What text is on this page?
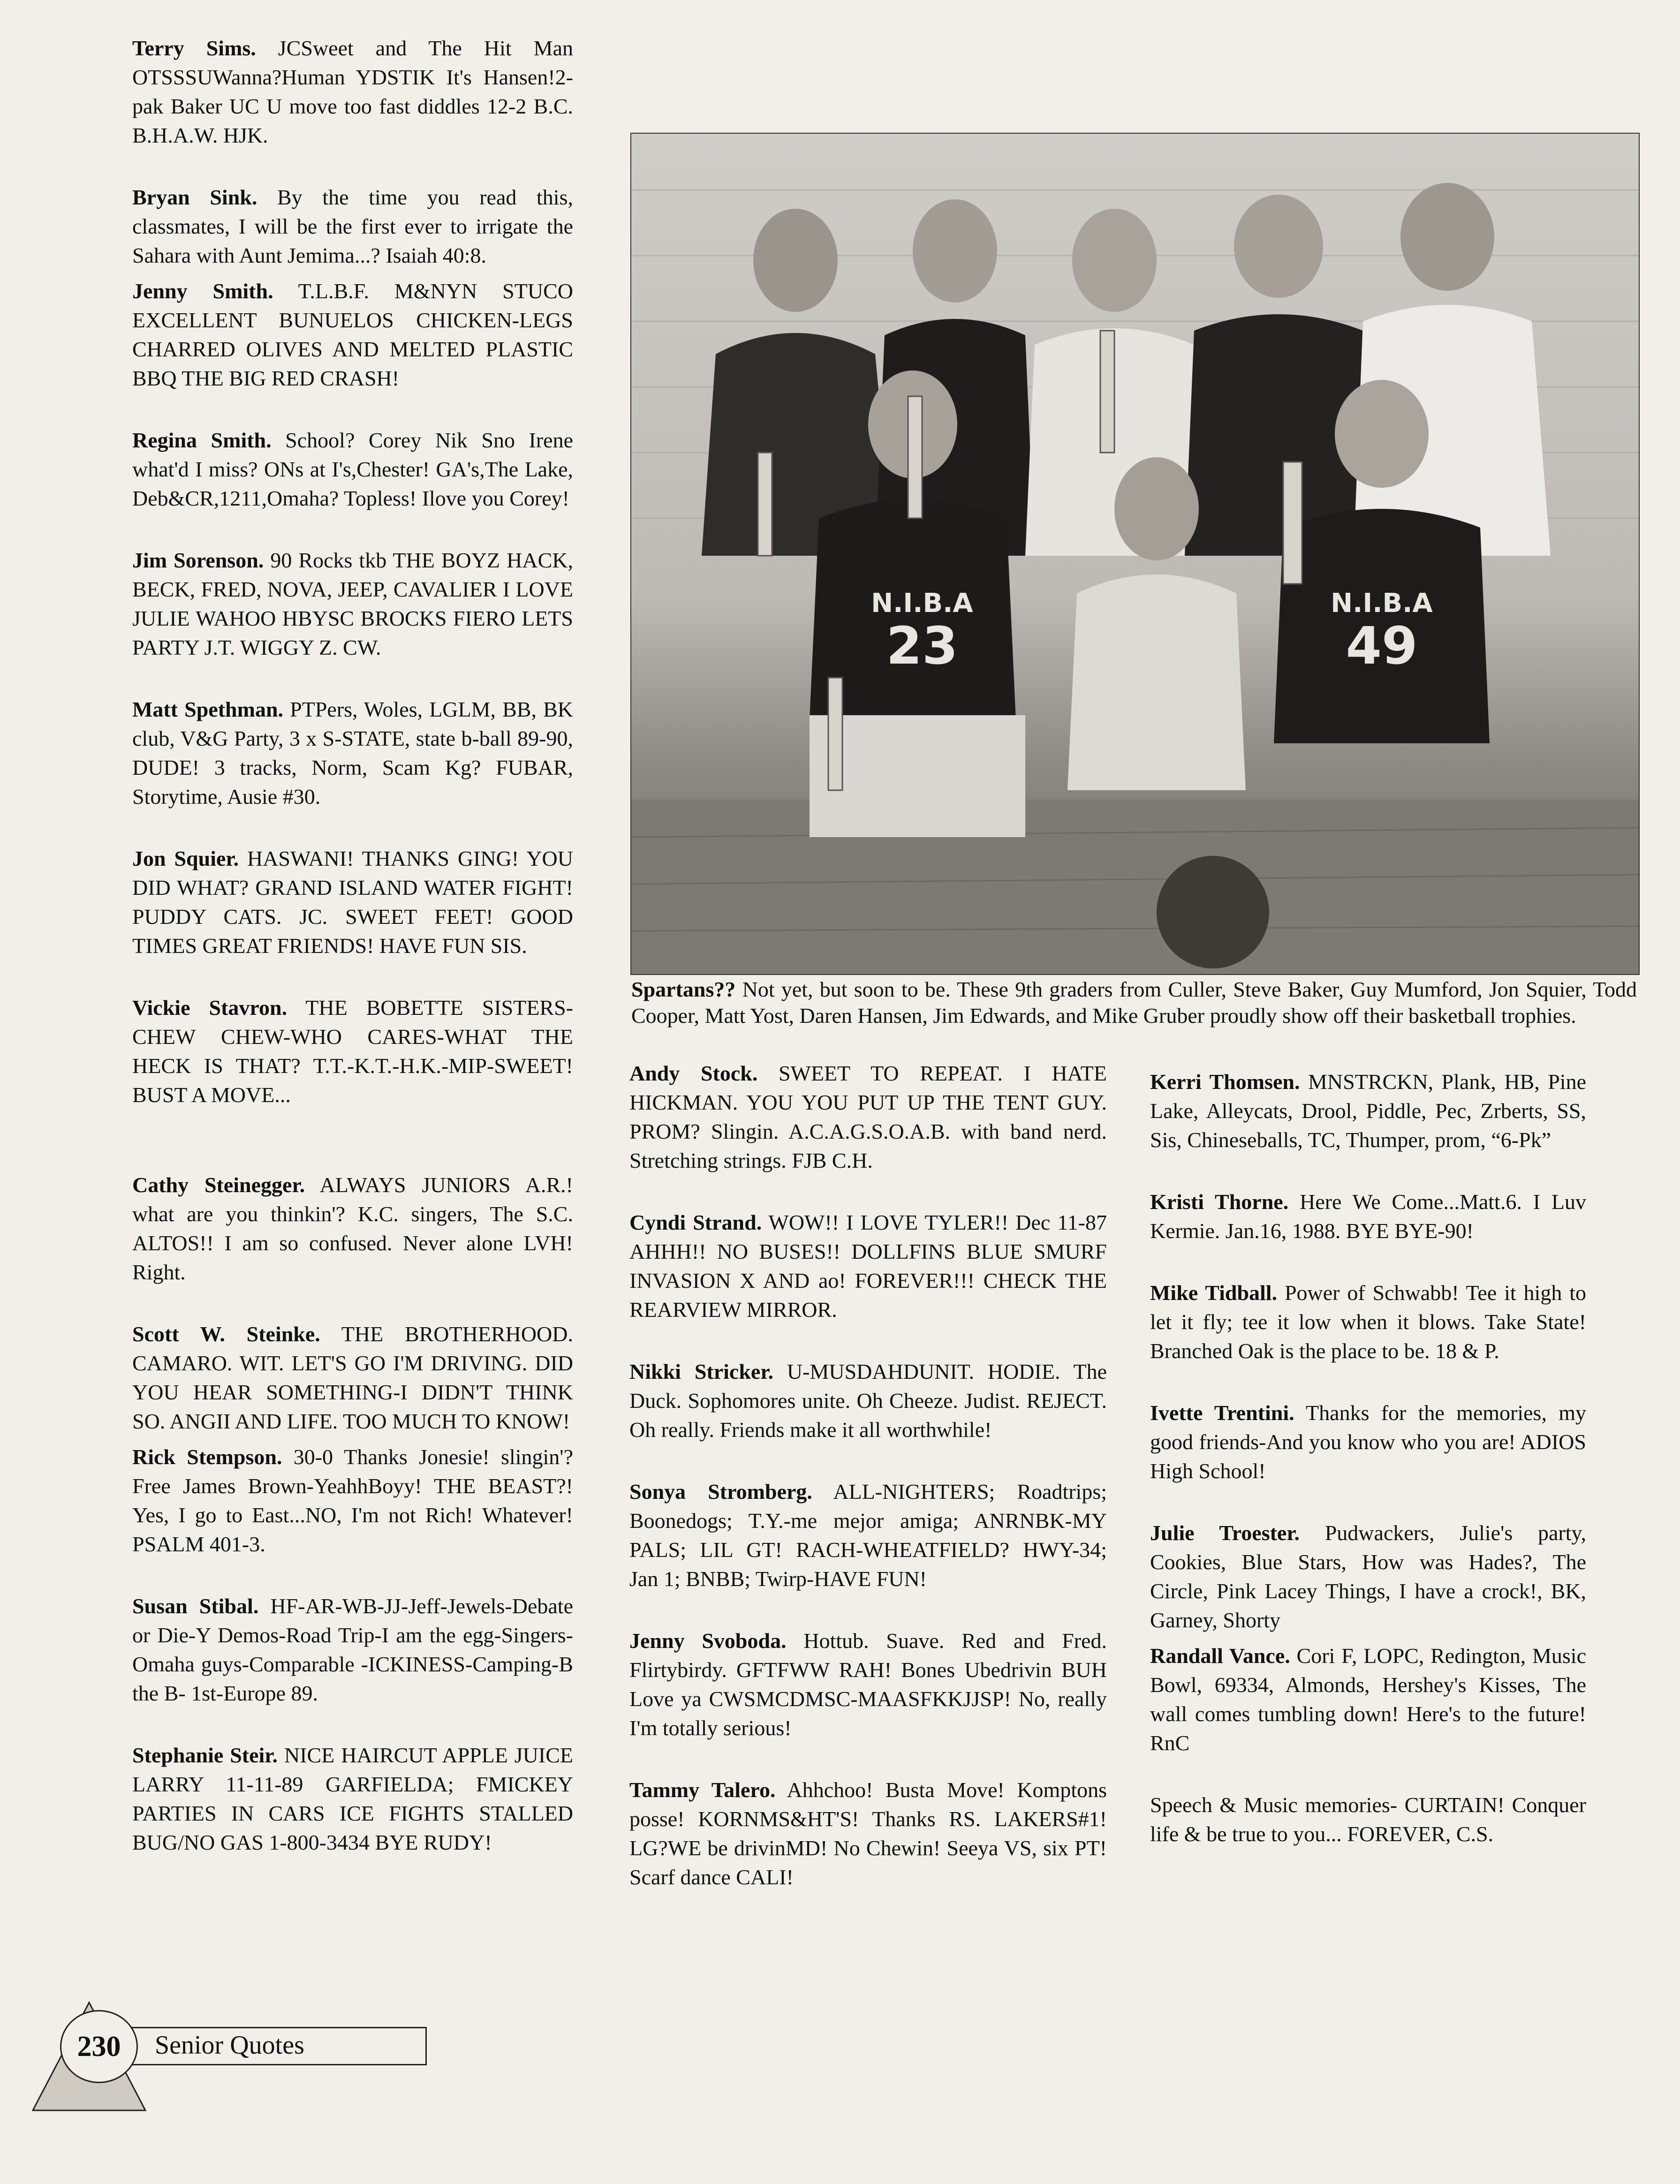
Terry Sims. JCSweet and The Hit Man OTSSSUWanna?Human YDSTIK It's Hansen!2-pak Baker UC U move too fast diddles 12-2 B.C. B.H.A.W. HJK.

Bryan Sink. By the time you read this, classmates, I will be the first ever to irrigate the Sahara with Aunt Jemima...? Isaiah 40:8.

Jenny Smith. T.L.B.F. M&NYN STUCO EXCELLENT BUNUELOS CHICKEN-LEGS CHARRED OLIVES AND MELTED PLASTIC BBQ THE BIG RED CRASH!

Regina Smith. School? Corey Nik Sno Irene what'd I miss? ONs at I's,Chester! GA's,The Lake, Deb&CR,1211,Omaha? Topless! Ilove you Corey!

Jim Sorenson. 90 Rocks tkb THE BOYZ HACK, BECK, FRED, NOVA, JEEP, CAVALIER I LOVE JULIE WAHOO HBYSC BROCKS FIERO LETS PARTY J.T. WIGGY Z. CW.

Matt Spethman. PTPers, Woles, LGLM, BB, BK club, V&G Party, 3 x S-STATE, state b-ball 89-90, DUDE! 3 tracks, Norm, Scam Kg? FUBAR, Storytime, Ausie #30.

Jon Squier. HASWANI! THANKS GING! YOU DID WHAT? GRAND ISLAND WATER FIGHT! PUDDY CATS. JC. SWEET FEET! GOOD TIMES GREAT FRIENDS! HAVE FUN SIS.

Vickie Stavron. THE BOBETTE SISTERS-CHEW CHEW-WHO CARES-WHAT THE HECK IS THAT? T.T.-K.T.-H.K.-MIP-SWEET! BUST A MOVE...

Cathy Steinegger. ALWAYS JUNIORS A.R.! what are you thinkin'? K.C. singers, The S.C. ALTOS!! I am so confused. Never alone LVH! Right.

Scott W. Steinke. THE BROTHERHOOD. CAMARO. WIT. LET'S GO I'M DRIVING. DID YOU HEAR SOMETHING-I DIDN'T THINK SO. ANGII AND LIFE. TOO MUCH TO KNOW!

Rick Stempson. 30-0 Thanks Jonesie! slingin'? Free James Brown-YeahhBoyy! THE BEAST?! Yes, I go to East...NO, I'm not Rich! Whatever! PSALM 401-3.

Susan Stibal. HF-AR-WB-JJ-Jeff-Jewels-Debate or Die-Y Demos-Road Trip-I am the egg-Singers-Omaha guys-Comparable -ICKINESS-Camping-B the B- 1st-Europe 89.

Stephanie Steir. NICE HAIRCUT APPLE JUICE LARRY 11-11-89 GARFIELDA; FMICKEY PARTIES IN CARS ICE FIGHTS STALLED BUG/NO GAS 1-800-3434 BYE RUDY!

N.I.B.A
23
N.I.B.A
49

Spartans?? Not yet, but soon to be. These 9th graders from Culler, Steve Baker, Guy Mumford, Jon Squier, Todd Cooper, Matt Yost, Daren Hansen, Jim Edwards, and Mike Gruber proudly show off their basketball trophies.

Andy Stock. SWEET TO REPEAT. I HATE HICKMAN. YOU YOU PUT UP THE TENT GUY. PROM? Slingin. A.C.A.G.S.O.A.B. with band nerd. Stretching strings. FJB C.H.

Cyndi Strand. WOW!! I LOVE TYLER!! Dec 11-87 AHHH!! NO BUSES!! DOLLFINS BLUE SMURF INVASION X AND ao! FOREVER!!! CHECK THE REARVIEW MIRROR.

Nikki Stricker. U-MUSDAHDUNIT. HODIE. The Duck. Sophomores unite. Oh Cheeze. Judist. REJECT. Oh really. Friends make it all worthwhile!

Sonya Stromberg. ALL-NIGHTERS; Roadtrips; Boonedogs; T.Y.-me mejor amiga; ANRNBK-MY PALS; LIL GT! RACH-WHEATFIELD? HWY-34; Jan 1; BNBB; Twirp-HAVE FUN!

Jenny Svoboda. Hottub. Suave. Red and Fred. Flirtybirdy. GFTFWW RAH! Bones Ubedrivin BUH Love ya CWSMCDMSC-MAASFKKJJSP! No, really I'm totally serious!

Tammy Talero. Ahhchoo! Busta Move! Komptons posse! KORNMS&HT'S! Thanks RS. LAKERS#1! LG?WE be drivinMD! No Chewin! Seeya VS, six PT! Scarf dance CALI!

Kerri Thomsen. MNSTRCKN, Plank, HB, Pine Lake, Alleycats, Drool, Piddle, Pec, Zrberts, SS, Sis, Chineseballs, TC, Thumper, prom, “6-Pk”

Kristi Thorne. Here We Come...Matt.6. I Luv Kermie. Jan.16, 1988. BYE BYE-90!

Mike Tidball. Power of Schwabb! Tee it high to let it fly; tee it low when it blows. Take State! Branched Oak is the place to be. 18 & P.

Ivette Trentini. Thanks for the memories, my good friends-And you know who you are! ADIOS High School!

Julie Troester. Pudwackers, Julie's party, Cookies, Blue Stars, How was Hades?, The Circle, Pink Lacey Things, I have a crock!, BK, Garney, Shorty

Randall Vance. Cori F, LOPC, Redington, Music Bowl, 69334, Almonds, Hershey's Kisses, The wall comes tumbling down! Here's to the future! RnC

Speech & Music memories- CURTAIN! Conquer life & be true to you... FOREVER, C.S.

230	Senior Quotes
